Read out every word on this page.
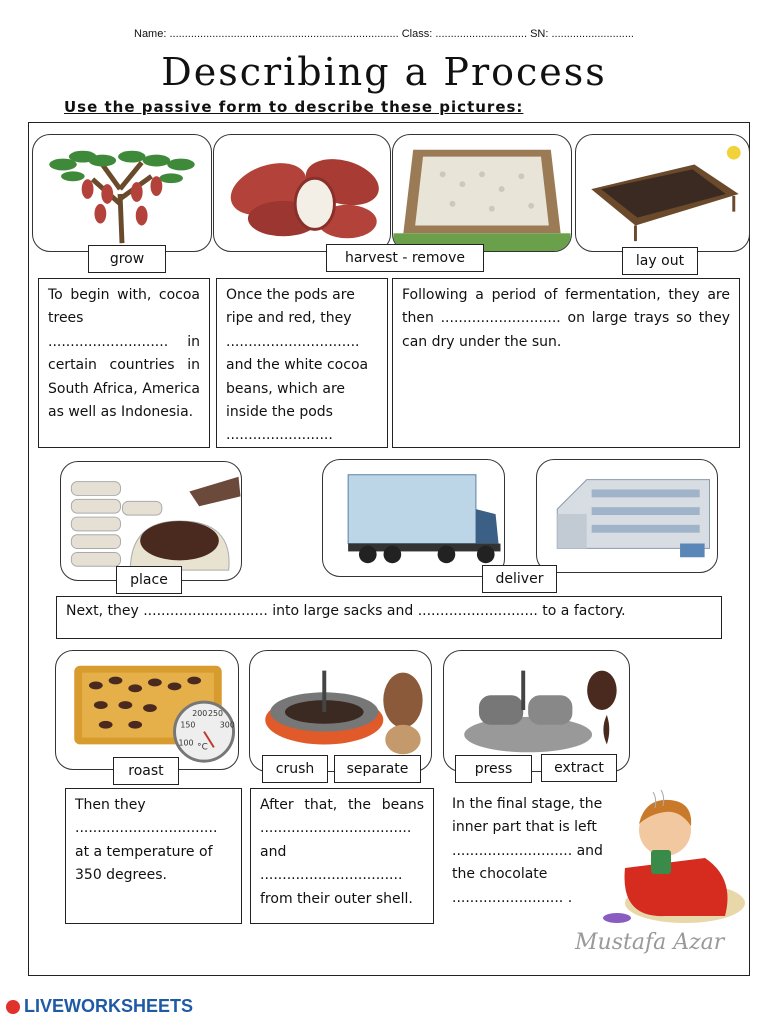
Name: ........................................................................... Class: .............................. SN: ...........................
Describing a Process
Use the passive form to describe these pictures:
grow	harvest - remove	lay out
To begin with, cocoa trees ........................... in certain countries in South Africa, America as well as Indonesia.
Once the pods are ripe and red, they .............................. and the white cocoa beans, which are inside the pods ........................
Following a period of fermentation, they are then ........................... on large trays so they can dry under the sun.
place	deliver
Next, they ............................ into large sacks and ........................... to a factory.
100
150
200 250
300
°C
roast	crush	separate	press	extract
Then they ................................ at a temperature of 350 degrees.
After that, the beans .................................. and ................................ from their outer shell.
In the final stage, the inner part that is left ........................... and the chocolate ......................... .
Mustafa Azar
LIVEWORKSHEETS
